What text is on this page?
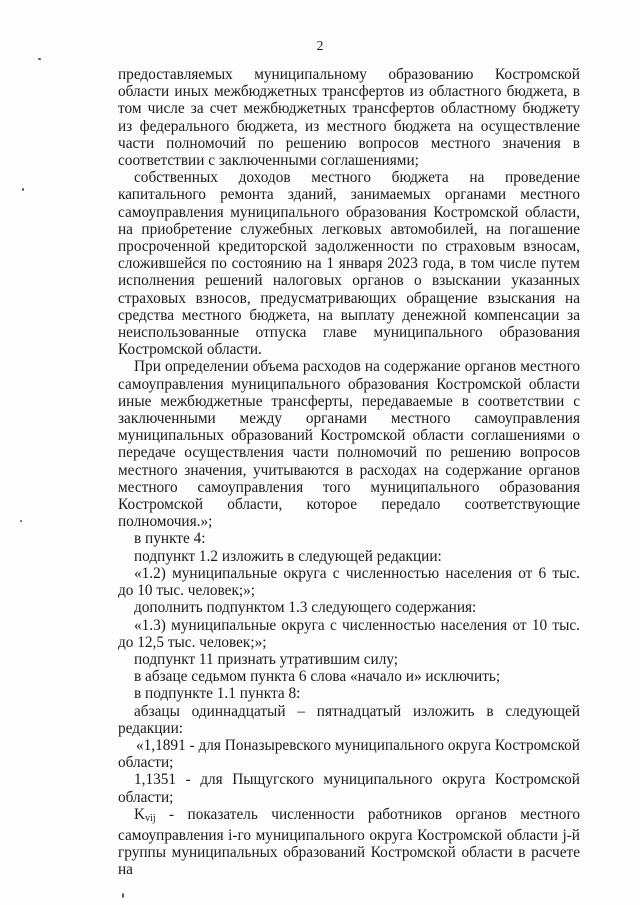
2

предоставляемых муниципальному образованию Костромской области иных межбюджетных трансфертов из областного бюджета, в том числе за счет межбюджетных трансфертов областному бюджету из федерального бюджета, из местного бюджета на осуществление части полномочий по решению вопросов местного значения в соответствии с заключенными соглашениями;

собственных доходов местного бюджета на проведение капитального ремонта зданий, занимаемых органами местного самоуправления муниципального образования Костромской области, на приобретение служебных легковых автомобилей, на погашение просроченной кредиторской задолженности по страховым взносам, сложившейся по состоянию на 1 января 2023 года, в том числе путем исполнения решений налоговых органов о взыскании указанных страховых взносов, предусматривающих обращение взыскания на средства местного бюджета, на выплату денежной компенсации за неиспользованные отпуска главе муниципального образования Костромской области.

При определении объема расходов на содержание органов местного самоуправления муниципального образования Костромской области иные межбюджетные трансферты, передаваемые в соответствии с заключенными между органами местного самоуправления муниципальных образований Костромской области соглашениями о передаче осуществления части полномочий по решению вопросов местного значения, учитываются в расходах на содержание органов местного самоуправления того муниципального образования Костромской области, которое передало соответствующие полномочия.»;

в пункте 4:

подпункт 1.2 изложить в следующей редакции:

«1.2) муниципальные округа с численностью населения от 6 тыс. до 10 тыс. человек;»;

дополнить подпунктом 1.3 следующего содержания:

«1.3) муниципальные округа с численностью населения от 10 тыс. до 12,5 тыс. человек;»;

подпункт 11 признать утратившим силу;

в абзаце седьмом пункта 6 слова «начало и» исключить;

в подпункте 1.1 пункта 8:

абзацы одиннадцатый – пятнадцатый изложить в следующей редакции:

«1,1891 - для Поназыревского муниципального округа Костромской области;

1,1351 - для Пыщугского муниципального округа Костромской области;

$K_{vij}$ - показатель численности работников органов местного самоуправления i-го муниципального округа Костромской области j-й группы муниципальных образований Костромской области в расчете на
